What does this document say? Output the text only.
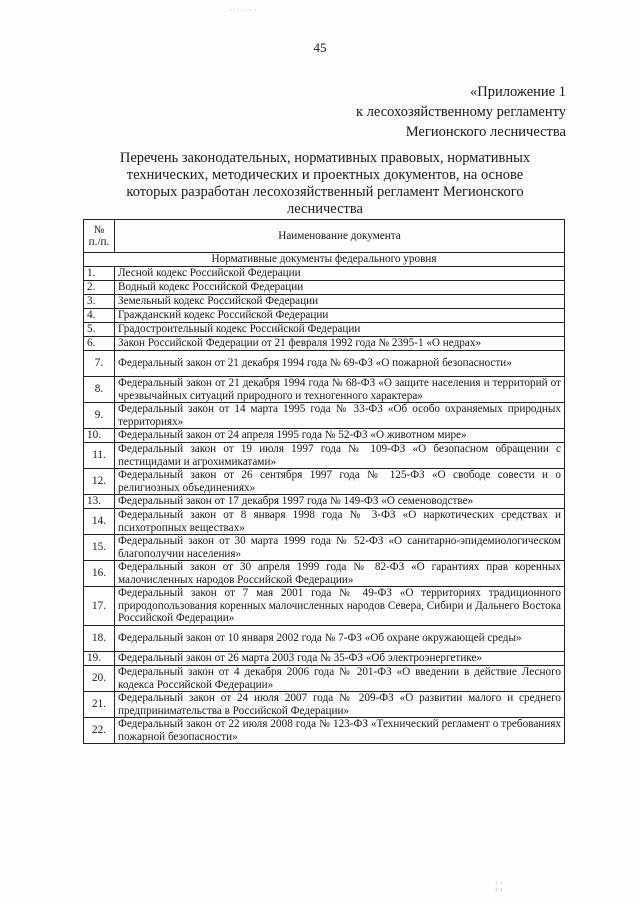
·· · · ·· ·
45
«Приложение 1
к лесохозяйственному регламенту
Мегионского лесничества
Перечень законодательных, нормативных правовых, нормативных технических, методических и проектных документов, на основе которых разработан лесохозяйственный регламент Мегионского лесничества
№ п./п.	Наименование документа
Нормативные документы федерального уровня	
1.	Лесной кодекс Российской Федерации
2.	Водный кодекс Российской Федерации
3.	Земельный кодекс Российской Федерации
4.	Гражданский кодекс Российской Федерации
5.	Градостроительный кодекс Российской Федерации
6.	Закон Российской Федерации от 21 февраля 1992 года № 2395-1 «О недрах»
7.	Федеральный закон от 21 декабря 1994 года № 69-ФЗ «О пожарной безопасности»
8.	Федеральный закон от 21 декабря 1994 года № 68-ФЗ «О защите населения и территорий от чрезвычайных ситуаций природного и техногенного характера»
9.	Федеральный закон от 14 марта 1995 года № 33-ФЗ «Об особо охраняемых природных территориях»
10.	Федеральный закон от 24 апреля 1995 года № 52-ФЗ «О животном мире»
11.	Федеральный закон от 19 июля 1997 года № 109-ФЗ «О безопасном обращении с пестицидами и агрохимикатами»
12.	Федеральный закон от 26 сентября 1997 года № 125-ФЗ «О свободе совести и о религиозных объединениях»
13.	Федеральный закон от 17 декабря 1997 года № 149-ФЗ «О семеноводстве»
14.	Федеральный закон от 8 января 1998 года № 3-ФЗ «О наркотических средствах и психотропных веществах»
15.	Федеральный закон от 30 марта 1999 года № 52-ФЗ «О санитарно-эпидемиологическом благополучии населения»
16.	Федеральный закон от 30 апреля 1999 года № 82-ФЗ «О гарантиях прав коренных малочисленных народов Российской Федерации»
17.	Федеральный закон от 7 мая 2001 года № 49-ФЗ «О территориях традиционного природопользования коренных малочисленных народов Севера, Сибири и Дальнего Востока Российской Федерации»
18.	Федеральный закон от 10 января 2002 года № 7-ФЗ «Об охране окружающей среды»
19.	Федеральный закон от 26 марта 2003 года № 35-ФЗ «Об электроэнергетике»
20.	Федеральный закон от 4 декабря 2006 года № 201-ФЗ «О введении в действие Лесного кодекса Российской Федерации»
21.	Федеральный закон от 24 июля 2007 года № 209-ФЗ «О развитии малого и среднего предпринимательства в Российской Федерации»
22.	Федеральный закон от 22 июля 2008 года № 123-ФЗ «Технический регламент о требованиях пожарной безопасности»
¦ ¦
